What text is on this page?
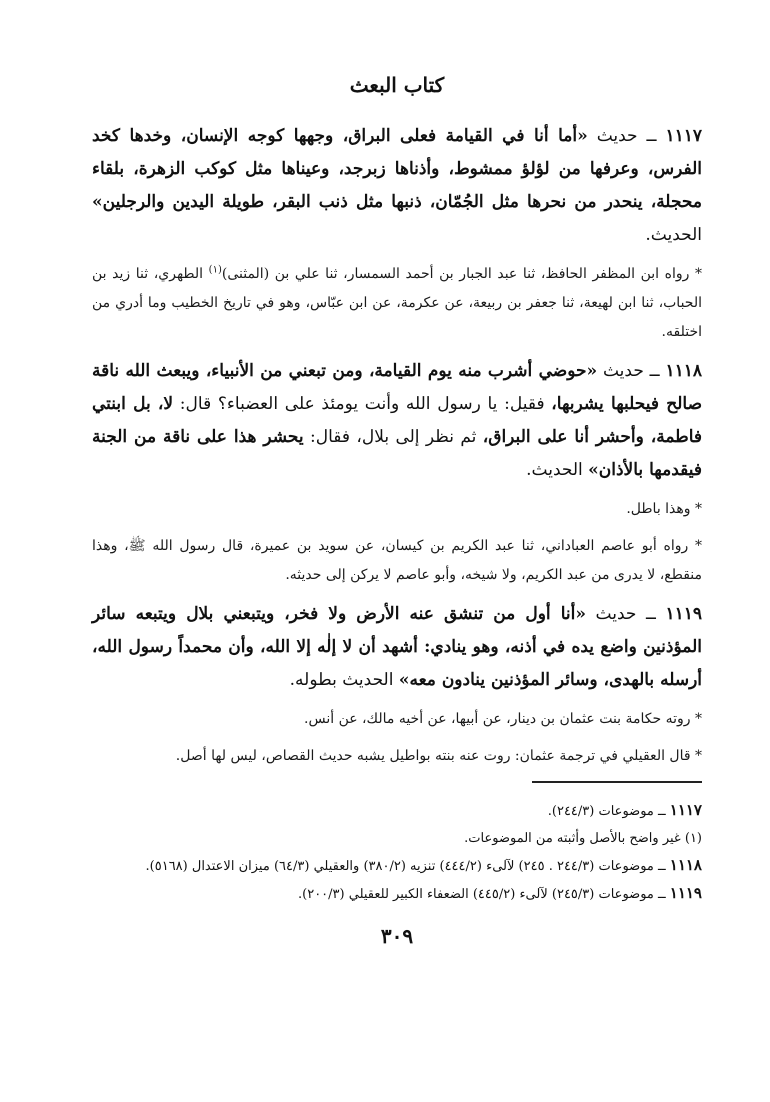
كتاب البعث

١١١٧ ــ حديث «أما أنا في القيامة فعلى البراق، وجهها كوجه الإنسان، وخدها كخد الفرس، وعرفها من لؤلؤ ممشوط، وأذناها زبرجد، وعيناها مثل كوكب الزهرة، بلقاء محجلة، ينحدر من نحرها مثل الجُمّان، ذنبها مثل ذنب البقر، طويلة اليدين والرجلين» الحديث.

* رواه ابن المظفر الحافظ، ثنا عبد الجبار بن أحمد السمسار، ثنا علي بن (المثنى)$^{(١)}$ الطهري، ثنا زيد بن الحباب، ثنا ابن لهيعة، ثنا جعفر بن ربيعة، عن عكرمة، عن ابن عبّاس، وهو في تاريخ الخطيب وما أدري من اختلقه.

١١١٨ ــ حديث «حوضي أشرب منه يوم القيامة، ومن تبعني من الأنبياء، ويبعث الله ناقة صالح فيحلبها يشربها، فقيل: يا رسول الله وأنت يومئذ على العضباء؟ قال: لا، بل ابنتي فاطمة، وأحشر أنا على البراق، ثم نظر إلى بلال، فقال: يحشر هذا على ناقة من الجنة فيقدمها بالأذان» الحديث.

* وهذا باطل.

* رواه أبو عاصم العباداني، ثنا عبد الكريم بن كيسان، عن سويد بن عميرة، قال رسول الله ﷺ، وهذا منقطع، لا يدرى من عبد الكريم، ولا شيخه، وأبو عاصم لا يركن إلى حديثه.

١١١٩ ــ حديث «أنا أول من تنشق عنه الأرض ولا فخر، ويتبعني بلال ويتبعه سائر المؤذنين واضع يده في أذنه، وهو ينادي: أشهد أن لا إلٰه إلا الله، وأن محمداً رسول الله، أرسله بالهدى، وسائر المؤذنين ينادون معه» الحديث بطوله.

* روته حكامة بنت عثمان بن دينار، عن أبيها، عن أخيه مالك، عن أنس.

* قال العقيلي في ترجمة عثمان: روت عنه بنته بواطيل يشبه حديث القصاص، ليس لها أصل.

١١١٧ ــ موضوعات (٢٤٤/٣).

(١) غير واضح بالأصل وأثبته من الموضوعات.

١١١٨ ــ موضوعات (٢٤٤/٣ . ٢٤٥) لآلىء (٤٤٤/٢) تنزيه (٣٨٠/٢) والعقيلي (٦٤/٣) ميزان الاعتدال (٥١٦٨).

١١١٩ ــ موضوعات (٢٤٥/٣) لآلىء (٤٤٥/٢) الضعفاء الكبير للعقيلي (٢٠٠/٣).

٣٠٩
